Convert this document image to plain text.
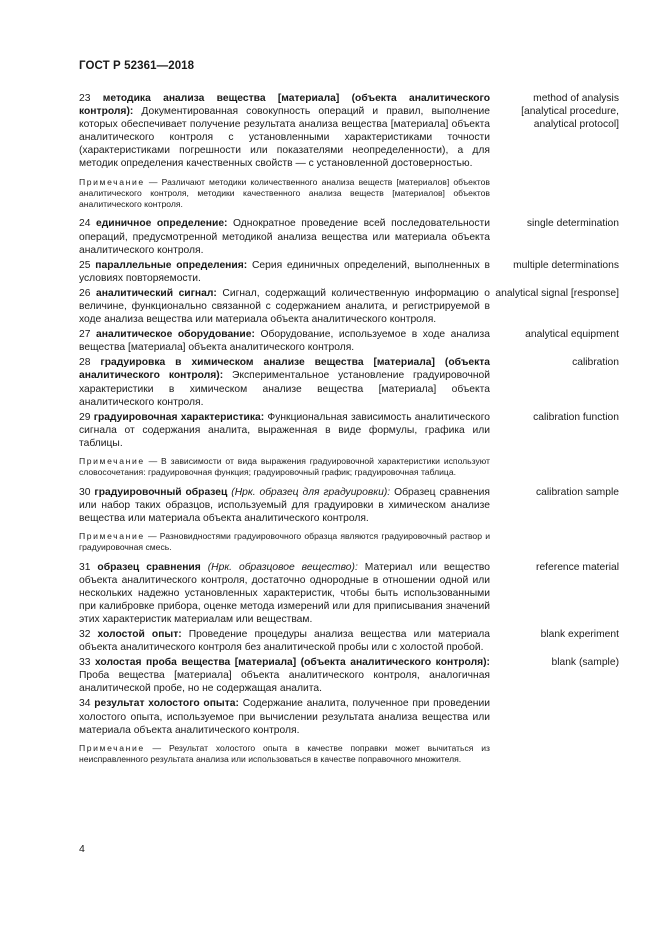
ГОСТ Р 52361—2018
23 методика анализа вещества [материала] (объекта аналитического контроля): Документированная совокупность операций и правил, выполнение которых обеспечивает получение результата анализа вещества [материала] объекта аналитического контроля с установленными характеристиками точности (характеристиками погрешности или показателями неопределенности), а для методик определения качественных свойств — с установленной достоверностью.
method of analysis [analytical procedure, analytical protocol]
Примечание — Различают методики количественного анализа веществ [материалов] объектов аналитического контроля, методики качественного анализа веществ [материалов] объектов аналитического контроля.
24 единичное определение: Однократное проведение всей последовательности операций, предусмотренной методикой анализа вещества или материала объекта аналитического контроля.
single determination
25 параллельные определения: Серия единичных определений, выполненных в условиях повторяемости.
multiple determinations
26 аналитический сигнал: Сигнал, содержащий количественную информацию о величине, функционально связанной с содержанием аналита, и регистрируемой в ходе анализа вещества или материала объекта аналитического контроля.
analytical signal [response]
27 аналитическое оборудование: Оборудование, используемое в ходе анализа вещества [материала] объекта аналитического контроля.
analytical equipment
28 градуировка в химическом анализе вещества [материала] (объекта аналитического контроля): Экспериментальное установление градуировочной характеристики в химическом анализе вещества [материала] объекта аналитического контроля.
calibration
29 градуировочная характеристика: Функциональная зависимость аналитического сигнала от содержания аналита, выраженная в виде формулы, графика или таблицы.
calibration function
Примечание — В зависимости от вида выражения градуировочной характеристики используют словосочетания: градуировочная функция; градуировочный график; градуировочная таблица.
30 градуировочный образец (Нрк. образец для градуировки): Образец сравнения или набор таких образцов, используемый для градуировки в химическом анализе вещества или материала объекта аналитического контроля.
calibration sample
Примечание — Разновидностями градуировочного образца являются градуировочный раствор и градуировочная смесь.
31 образец сравнения (Нрк. образцовое вещество): Материал или вещество объекта аналитического контроля, достаточно однородные в отношении одной или нескольких надежно установленных характеристик, чтобы быть использованными при калибровке прибора, оценке метода измерений или для приписывания значений этих характеристик материалам или веществам.
reference material
32 холостой опыт: Проведение процедуры анализа вещества или материала объекта аналитического контроля без аналитической пробы или с холостой пробой.
blank experiment
33 холостая проба вещества [материала] (объекта аналитического контроля): Проба вещества [материала] объекта аналитического контроля, аналогичная аналитической пробе, но не содержащая аналита.
blank (sample)
34 результат холостого опыта: Содержание аналита, полученное при проведении холостого опыта, используемое при вычислении результата анализа вещества или материала объекта аналитического контроля.
Примечание — Результат холостого опыта в качестве поправки может вычитаться из неисправленного результата анализа или использоваться в качестве поправочного множителя.
4
